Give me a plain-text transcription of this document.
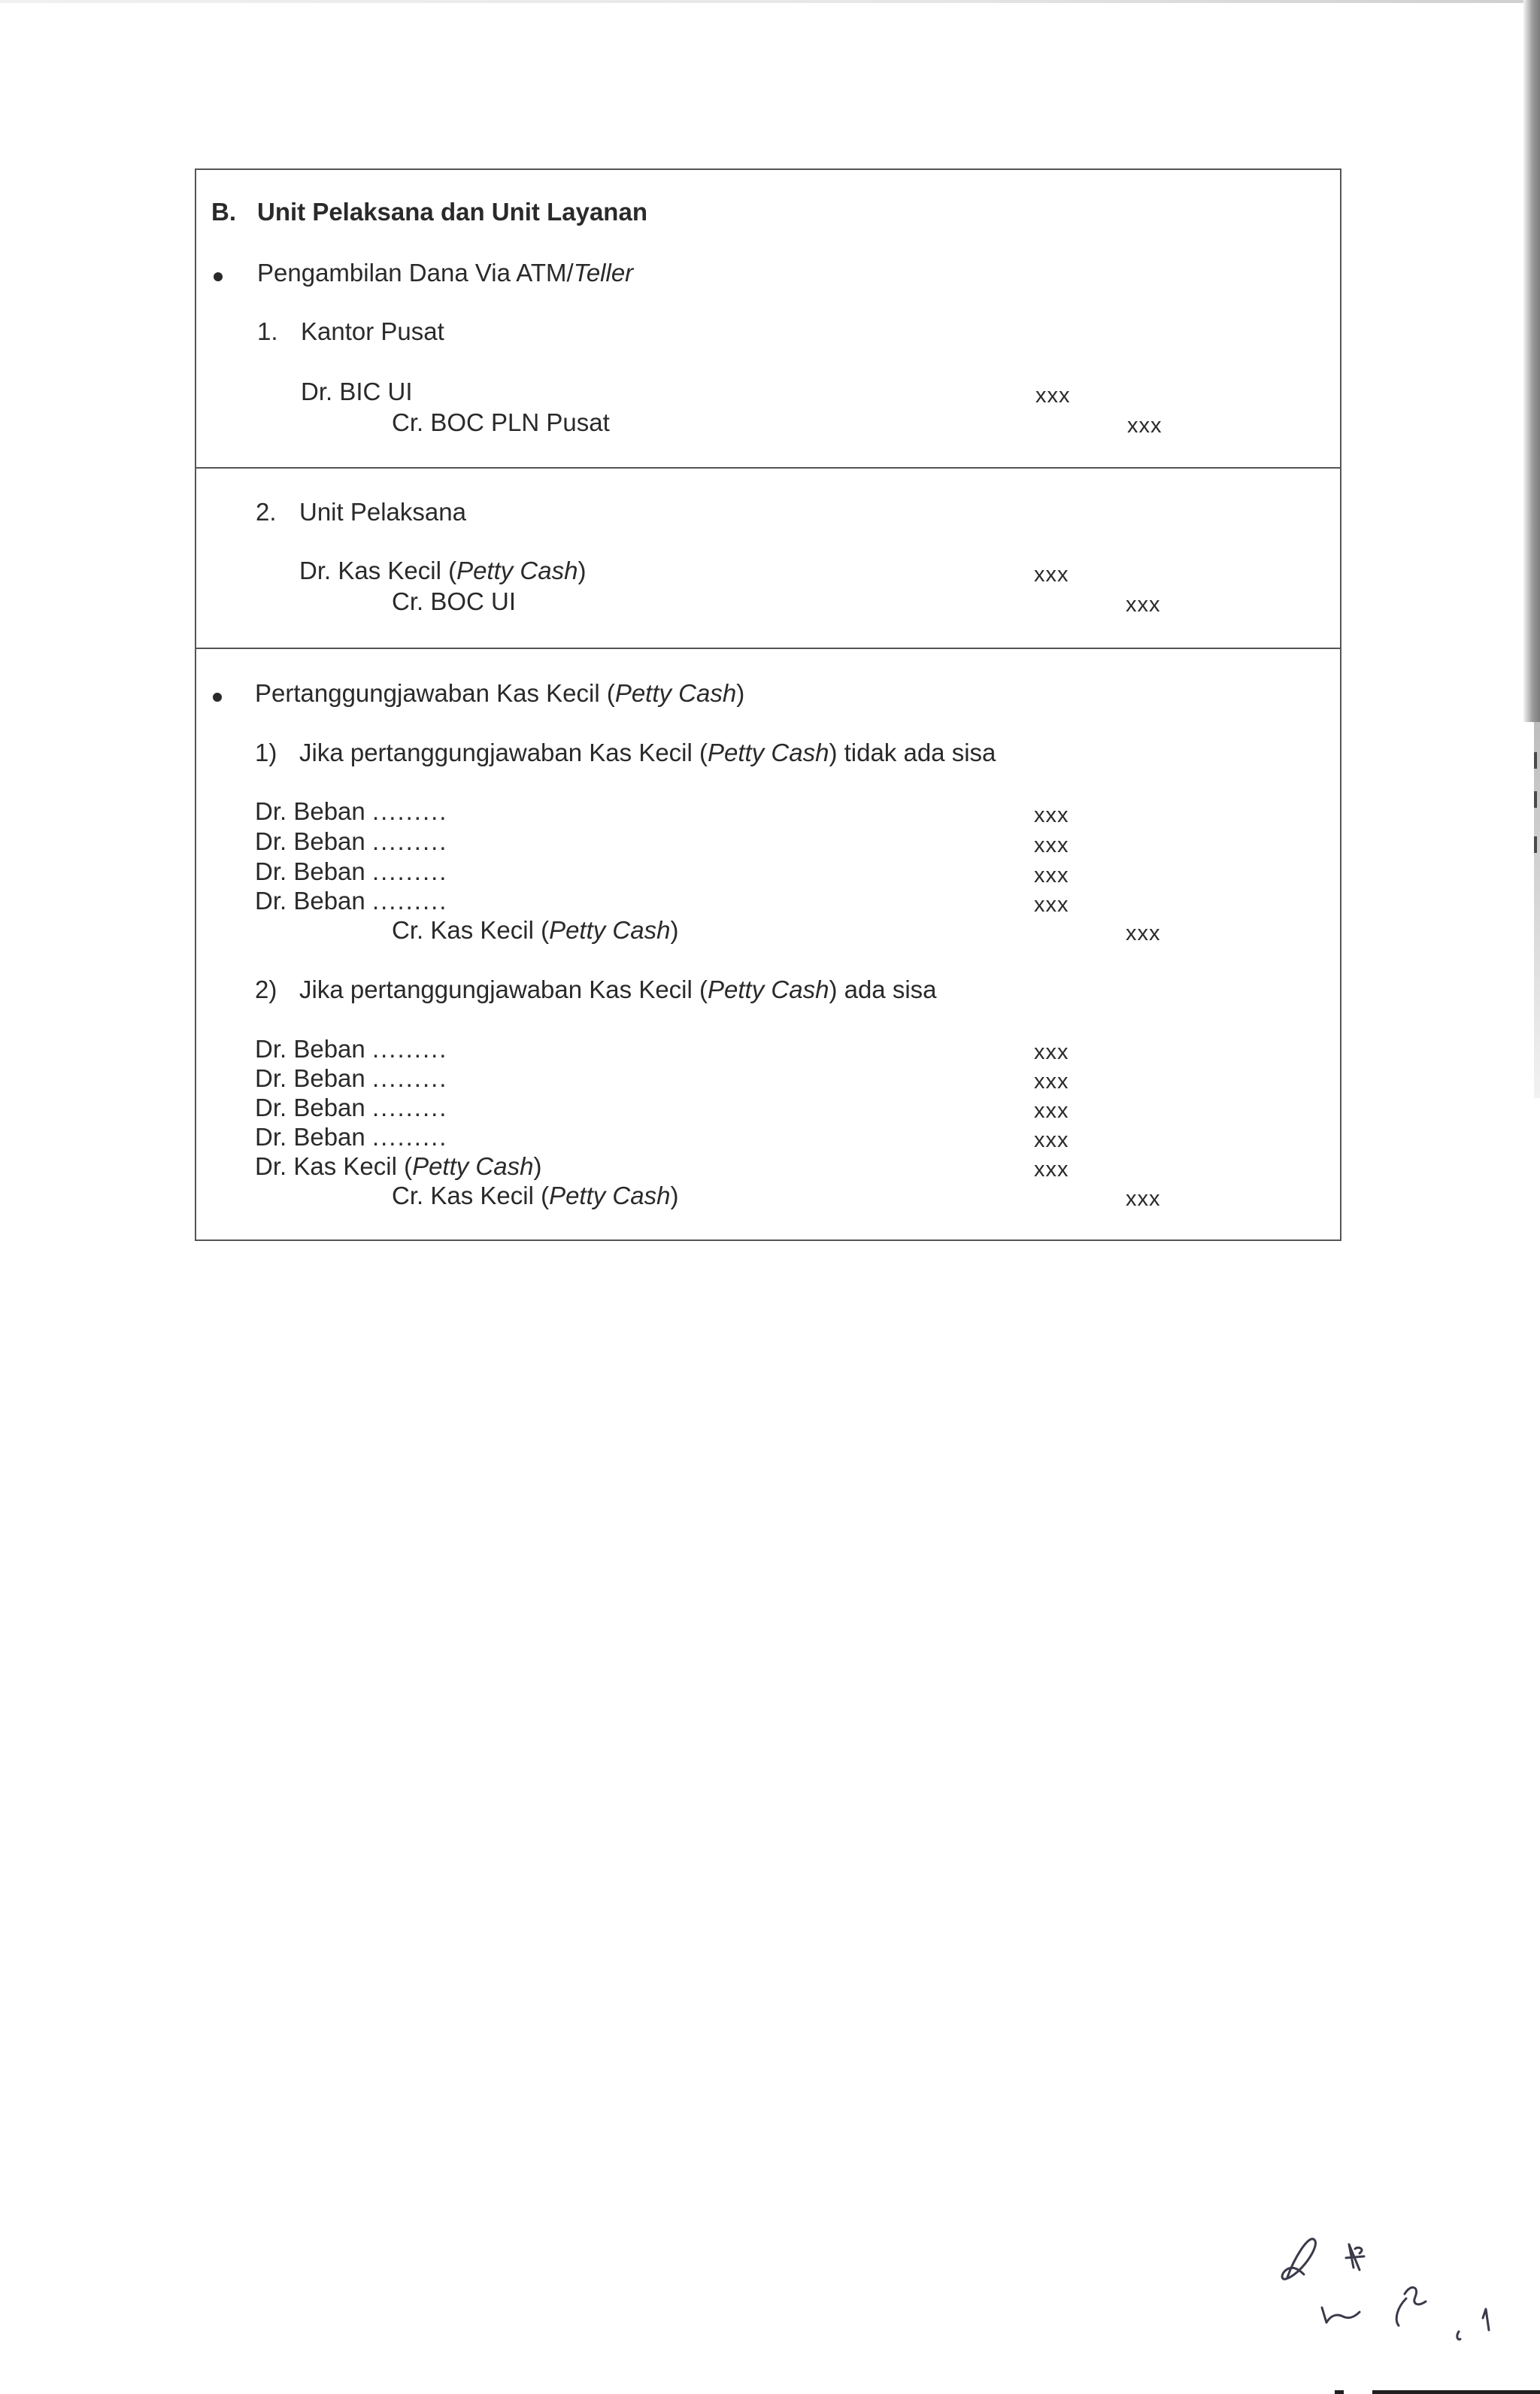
B. Unit Pelaksana dan Unit Layanan
Pengambilan Dana Via ATM/Teller
1. Kantor Pusat
Dr. BIC UI	xxx
Cr. BOC PLN Pusat	xxx
2. Unit Pelaksana
Dr. Kas Kecil (Petty Cash)	xxx
Cr. BOC UI	xxx
Pertanggungjawaban Kas Kecil (Petty Cash)
1) Jika pertanggungjawaban Kas Kecil (Petty Cash) tidak ada sisa
Dr. Beban .........	xxx
Dr. Beban .........	xxx
Dr. Beban .........	xxx
Dr. Beban .........	xxx
Cr. Kas Kecil (Petty Cash)	xxx
2) Jika pertanggungjawaban Kas Kecil (Petty Cash) ada sisa
Dr. Beban .........	xxx
Dr. Beban .........	xxx
Dr. Beban .........	xxx
Dr. Beban .........	xxx
Dr. Kas Kecil (Petty Cash)	xxx
Cr. Kas Kecil (Petty Cash)	xxx
